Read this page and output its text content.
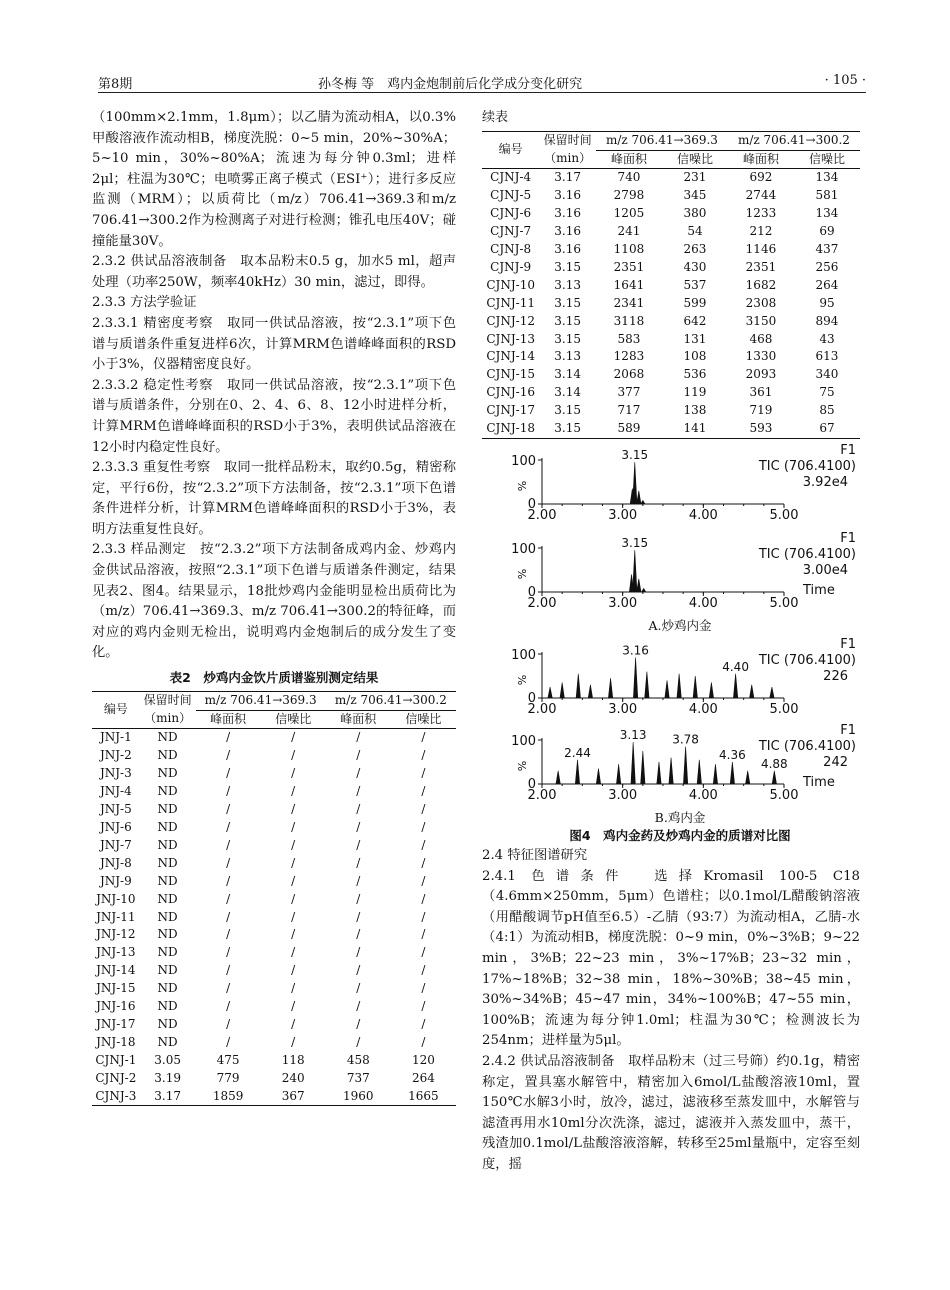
第8期	孙冬梅 等　鸡内金炮制前后化学成分变化研究	· 105 ·

（100mm×2.1mm，1.8μm）；以乙腈为流动相A，以0.3%甲酸溶液作流动相B，梯度洗脱：0~5 min，20%~30%A；5~10 min，30%~80%A；流速为每分钟0.3ml；进样2μl；柱温为30℃；电喷雾正离子模式（ESI⁺）；进行多反应监测（MRM）；以质荷比（m/z）706.41→369.3和m/z 706.41→300.2作为检测离子对进行检测；锥孔电压40V；碰撞能量30V。

2.3.2 供试品溶液制备　取本品粉末0.5 g，加水5 ml，超声处理（功率250W，频率40kHz）30 min，滤过，即得。

2.3.3 方法学验证

2.3.3.1 精密度考察　取同一供试品溶液，按“2.3.1”项下色谱与质谱条件重复进样6次，计算MRM色谱峰峰面积的RSD小于3%，仪器精密度良好。

2.3.3.2 稳定性考察　取同一供试品溶液，按“2.3.1”项下色谱与质谱条件，分别在0、2、4、6、8、12小时进样分析，计算MRM色谱峰峰面积的RSD小于3%，表明供试品溶液在12小时内稳定性良好。

2.3.3.3 重复性考察　取同一批样品粉末，取约0.5g，精密称定，平行6份，按“2.3.2”项下方法制备，按“2.3.1”项下色谱条件进样分析，计算MRM色谱峰峰面积的RSD小于3%，表明方法重复性良好。

2.3.3 样品测定　按“2.3.2”项下方法制备成鸡内金、炒鸡内金供试品溶液，按照“2.3.1”项下色谱与质谱条件测定，结果见表2、图4。结果显示，18批炒鸡内金能明显检出质荷比为（m/z）706.41→369.3、m/z 706.41→300.2的特征峰，而对应的鸡内金则无检出，说明鸡内金炮制后的成分发生了变化。

表2　炒鸡内金饮片质谱鉴别测定结果
编号	保留时间	m/z 706.41→369.3		m/z 706.41→300.2	
	（min）	峰面积	信噪比	峰面积	信噪比
JNJ-1	ND	/	/	/	/
JNJ-2	ND	/	/	/	/
JNJ-3	ND	/	/	/	/
JNJ-4	ND	/	/	/	/
JNJ-5	ND	/	/	/	/
JNJ-6	ND	/	/	/	/
JNJ-7	ND	/	/	/	/
JNJ-8	ND	/	/	/	/
JNJ-9	ND	/	/	/	/
JNJ-10	ND	/	/	/	/
JNJ-11	ND	/	/	/	/
JNJ-12	ND	/	/	/	/
JNJ-13	ND	/	/	/	/
JNJ-14	ND	/	/	/	/
JNJ-15	ND	/	/	/	/
JNJ-16	ND	/	/	/	/
JNJ-17	ND	/	/	/	/
JNJ-18	ND	/	/	/	/
CJNJ-1	3.05	475	118	458	120
CJNJ-2	3.19	779	240	737	264
CJNJ-3	3.17	1859	367	1960	1665
续表
编号	保留时间	m/z 706.41→369.3		m/z 706.41→300.2	
	（min）	峰面积	信噪比	峰面积	信噪比
CJNJ-4	3.17	740	231	692	134
CJNJ-5	3.16	2798	345	2744	581
CJNJ-6	3.16	1205	380	1233	134
CJNJ-7	3.16	241	54	212	69
CJNJ-8	3.16	1108	263	1146	437
CJNJ-9	3.15	2351	430	2351	256
CJNJ-10	3.13	1641	537	1682	264
CJNJ-11	3.15	2341	599	2308	95
CJNJ-12	3.15	3118	642	3150	894
CJNJ-13	3.15	583	131	468	43
CJNJ-14	3.13	1283	108	1330	613
CJNJ-15	3.14	2068	536	2093	340
CJNJ-16	3.14	377	119	361	75
CJNJ-17	3.15	717	138	719	85
CJNJ-18	3.15	589	141	593	67
2.00	3.00	4.00	5.00
100
0
%
F1
TIC (706.4100)
3.92e4
3.15
2.00	3.00	4.00	5.00
100
0
%
F1
TIC (706.4100)
3.00e4
Time
3.15
A.炒鸡内金
2.00	3.00	4.00	5.00
100
0
%
F1
TIC (706.4100)
226
3.16
4.40
2.00	3.00	4.00	5.00
100
0
%
F1
TIC (706.4100)
242
Time
2.44
3.13 3.78
4.36
4.88
B.鸡内金
图4　鸡内金药及炒鸡内金的质谱对比图

2.4 特征图谱研究

2.4.1 色谱条件　选择Kromasil 100-5 C18（4.6mm×250mm，5μm）色谱柱；以0.1mol/L醋酸钠溶液（用醋酸调节pH值至6.5）-乙腈（93:7）为流动相A，乙腈-水（4:1）为流动相B，梯度洗脱：0~9 min，0%~3%B；9~22 min，3%B；22~23 min，3%~17%B；23~32 min，17%~18%B；32~38 min，18%~30%B；38~45 min，30%~34%B；45~47 min，34%~100%B；47~55 min，100%B；流速为每分钟1.0ml；柱温为30℃；检测波长为254nm；进样量为5μl。

2.4.2 供试品溶液制备　取样品粉末（过三号筛）约0.1g，精密称定，置具塞水解管中，精密加入6mol/L盐酸溶液10ml，置150℃水解3小时，放冷，滤过，滤液移至蒸发皿中，水解管与滤渣再用水10ml分次洗涤，滤过，滤液并入蒸发皿中，蒸干，残渣加0.1mol/L盐酸溶液溶解，转移至25ml量瓶中，定容至刻度，摇
